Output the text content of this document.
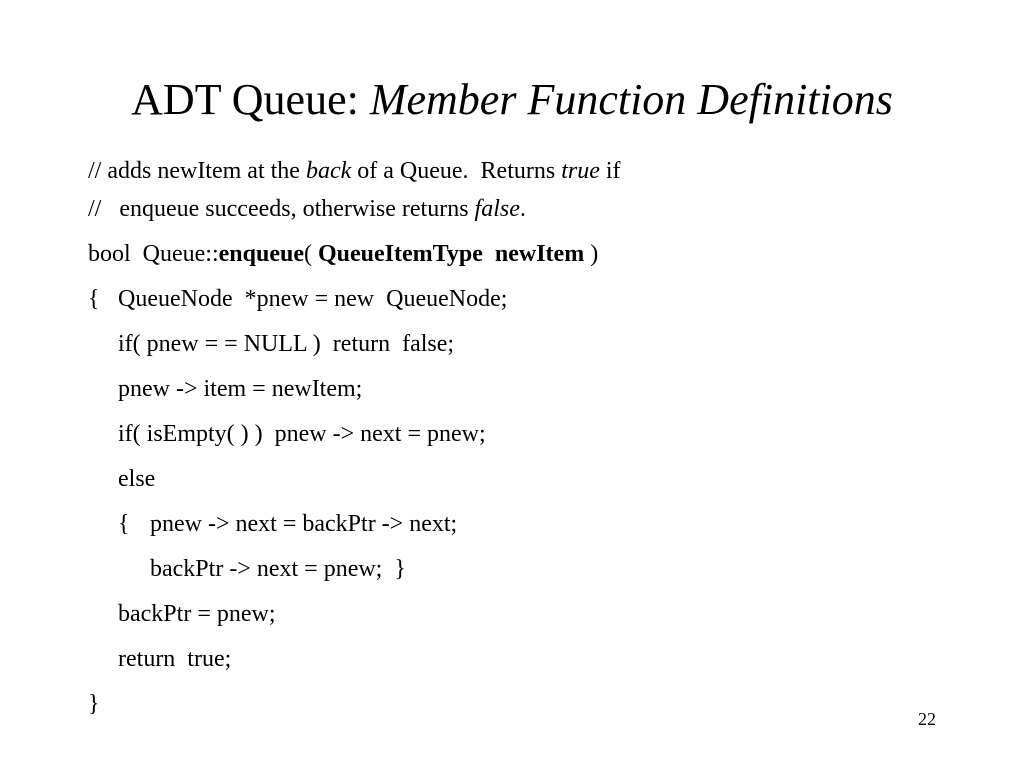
ADT Queue: Member Function Definitions
// adds newItem at the back of a Queue.  Returns true if
//   enqueue succeeds, otherwise returns false.
bool  Queue::enqueue( QueueItemType  newItem )
{ QueueNode  *pnew = new  QueueNode;
if( pnew = = NULL )  return  false;
pnew -> item = newItem;
if( isEmpty( ) )  pnew -> next = pnew;
else
{ pnew -> next = backPtr -> next;
backPtr -> next = pnew;  }
backPtr = pnew;
return  true;
}
22
